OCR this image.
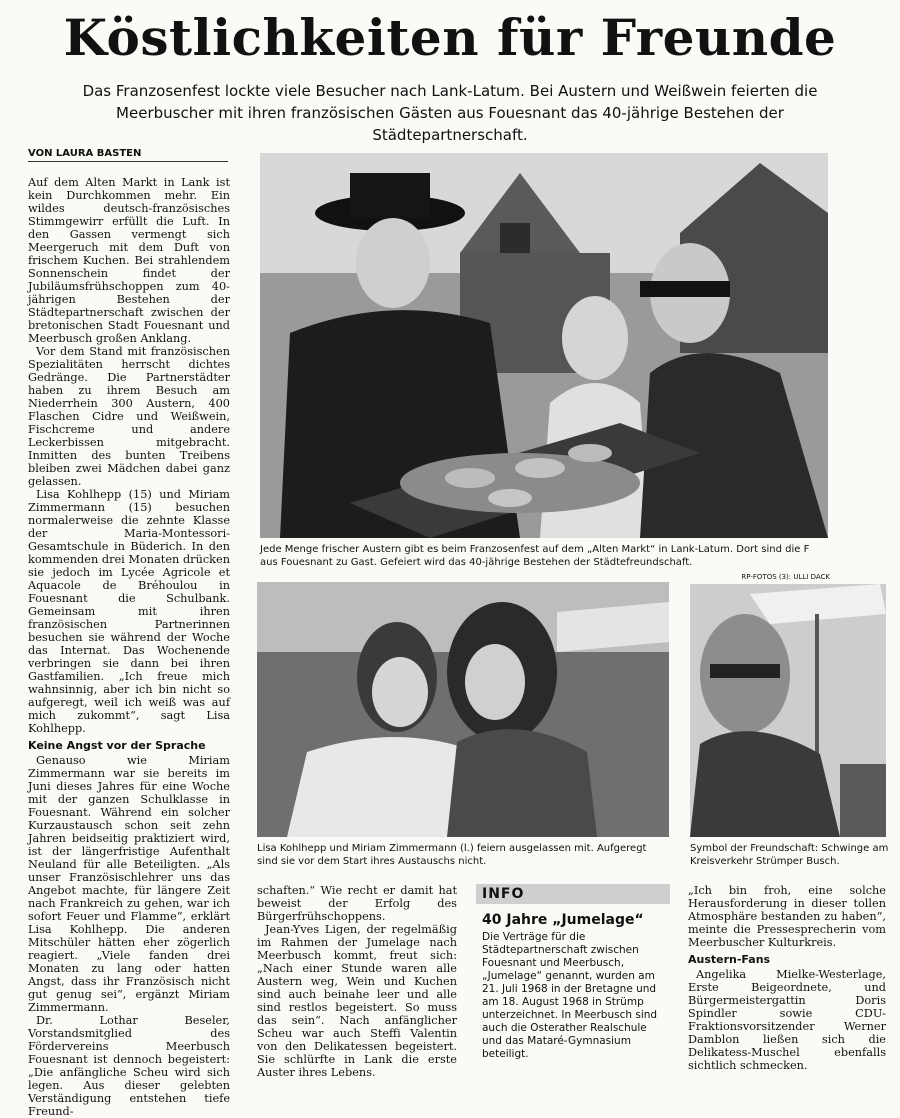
Köstlichkeiten für Freunde
Das Franzosenfest lockte viele Besucher nach Lank-Latum. Bei Austern und Weißwein feierten die Meerbuscher mit ihren französischen Gästen aus Fouesnant das 40-jährige Bestehen der Städtepartnerschaft.
VON LAURA BASTEN

Auf dem Alten Markt in Lank ist kein Durchkommen mehr. Ein wildes deutsch-französisches Stimmgewirr erfüllt die Luft. In den Gassen vermengt sich Meergeruch mit dem Duft von frischem Kuchen. Bei strahlendem Sonnenschein findet der Jubiläumsfrühschoppen zum 40-jährigen Bestehen der Städtepartnerschaft zwischen der bretonischen Stadt Fouesnant und Meerbusch großen Anklang.

Vor dem Stand mit französischen Spezialitäten herrscht dichtes Gedränge. Die Partnerstädter haben zu ihrem Besuch am Niederrhein 300 Austern, 400 Flaschen Cidre und Weißwein, Fischcreme und andere Leckerbissen mitgebracht. Inmitten des bunten Treibens bleiben zwei Mädchen dabei ganz gelassen.

Lisa Kohlhepp (15) und Miriam Zimmermann (15) besuchen normalerweise die zehnte Klasse der Maria-Montessori-Gesamtschule in Büderich. In den kommenden drei Monaten drücken sie jedoch im Lycée Agricole et Aquacole de Bréhoulou in Fouesnant die Schulbank. Gemeinsam mit ihren französischen Partnerinnen besuchen sie während der Woche das Internat. Das Wochenende verbringen sie dann bei ihren Gastfamilien. „Ich freue mich wahnsinnig, aber ich bin nicht so aufgeregt, weil ich weiß was auf mich zukommt“, sagt Lisa Kohlhepp.

Keine Angst vor der Sprache

Genauso wie Miriam Zimmermann war sie bereits im Juni dieses Jahres für eine Woche mit der ganzen Schulklasse in Fouesnant. Während ein solcher Kurzaustausch schon seit zehn Jahren beidseitig praktiziert wird, ist der längerfristige Aufenthalt Neuland für alle Beteiligten. „Als unser Französischlehrer uns das Angebot machte, für längere Zeit nach Frankreich zu gehen, war ich sofort Feuer und Flamme“, erklärt Lisa Kohlhepp. Die anderen Mitschüler hätten eher zögerlich reagiert. „Viele fanden drei Monaten zu lang oder hatten Angst, dass ihr Französisch nicht gut genug sei“, ergänzt Miriam Zimmermann.

Dr. Lothar Beseler, Vorstandsmitglied des Fördervereins Meerbusch Fouesnant ist dennoch begeistert: „Die anfängliche Scheu wird sich legen. Aus dieser gelebten Verständigung entstehen tiefe Freund-

Jede Menge frischer Austern gibt es beim Franzosenfest auf dem „Alten Markt“ in Lank-Latum. Dort sind die F aus Fouesnant zu Gast. Gefeiert wird das 40-jährige Bestehen der Städtefreundschaft.
RP-FOTOS (3): ULLI DACK
Lisa Kohlhepp und Miriam Zimmermann (l.) feiern ausgelassen mit. Aufgeregt sind sie vor dem Start ihres Austauschs nicht.
Symbol der Freundschaft: Schwinge am Kreisverkehr Strümper Busch.

schaften.“ Wie recht er damit hat beweist der Erfolg des Bürgerfrühschoppens.

Jean-Yves Ligen, der regelmäßig im Rahmen der Jumelage nach Meerbusch kommt, freut sich: „Nach einer Stunde waren alle Austern weg, Wein und Kuchen sind auch beinahe leer und alle sind restlos begeistert. So muss das sein“. Nach anfänglicher Scheu war auch Steffi Valentin von den Delikatessen begeistert. Sie schlürfte in Lank die erste Auster ihres Lebens.

INFO
40 Jahre „Jumelage“
Die Verträge für die Städtepartnerschaft zwischen Fouesnant und Meerbusch, „Jumelage“ genannt, wurden am 21. Juli 1968 in der Bretagne und am 18. August 1968 in Strümp unterzeichnet. In Meerbusch sind auch die Osterather Realschule und das Mataré-Gymnasium beteiligt.

„Ich bin froh, eine solche Herausforderung in dieser tollen Atmosphäre bestanden zu haben“, meinte die Pressesprecherin vom Meerbuscher Kulturkreis.

Austern-Fans

Angelika Mielke-Westerlage, Erste Beigeordnete, und Bürgermeistergattin Doris Spindler sowie CDU-Fraktionsvorsitzender Werner Damblon ließen sich die Delikatess-Muschel ebenfalls sichtlich schmecken.
